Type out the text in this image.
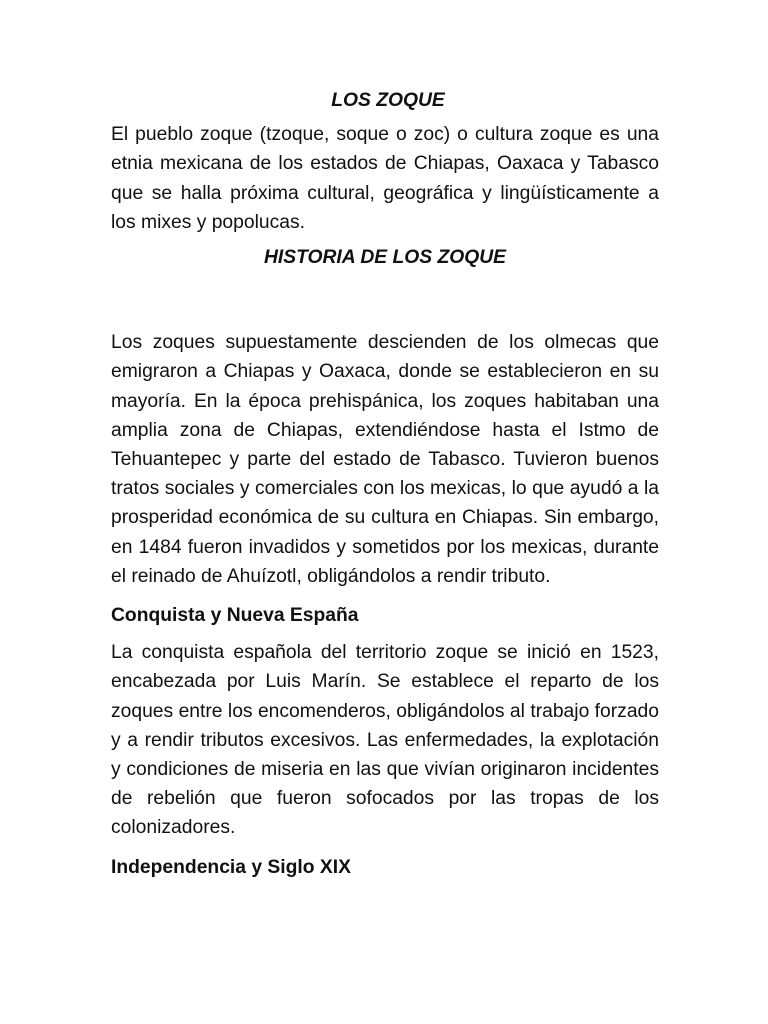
LOS ZOQUE

El pueblo zoque (tzoque, soque o zoc) o cultura zoque es una etnia mexicana de los estados de Chiapas, Oaxaca y Tabasco que se halla próxima cultural, geográfica y lingüísticamente a los mixes y popolucas.

HISTORIA DE LOS ZOQUE

Los zoques supuestamente descienden de los olmecas que emigraron a Chiapas y Oaxaca, donde se establecieron en su mayoría. En la época prehispánica, los zoques habitaban una amplia zona de Chiapas, extendiéndose hasta el Istmo de Tehuantepec y parte del estado de Tabasco. Tuvieron buenos tratos sociales y comerciales con los mexicas, lo que ayudó a la prosperidad económica de su cultura en Chiapas. Sin embargo, en 1484 fueron invadidos y sometidos por los mexicas, durante el reinado de Ahuízotl, obligándolos a rendir tributo.

Conquista y Nueva España

La conquista española del territorio zoque se inició en 1523, encabezada por Luis Marín. Se establece el reparto de los zoques entre los encomenderos, obligándolos al trabajo forzado y a rendir tributos excesivos. Las enfermedades, la explotación y condiciones de miseria en las que vivían originaron incidentes de rebelión que fueron sofocados por las tropas de los colonizadores.

Independencia y Siglo XIX
